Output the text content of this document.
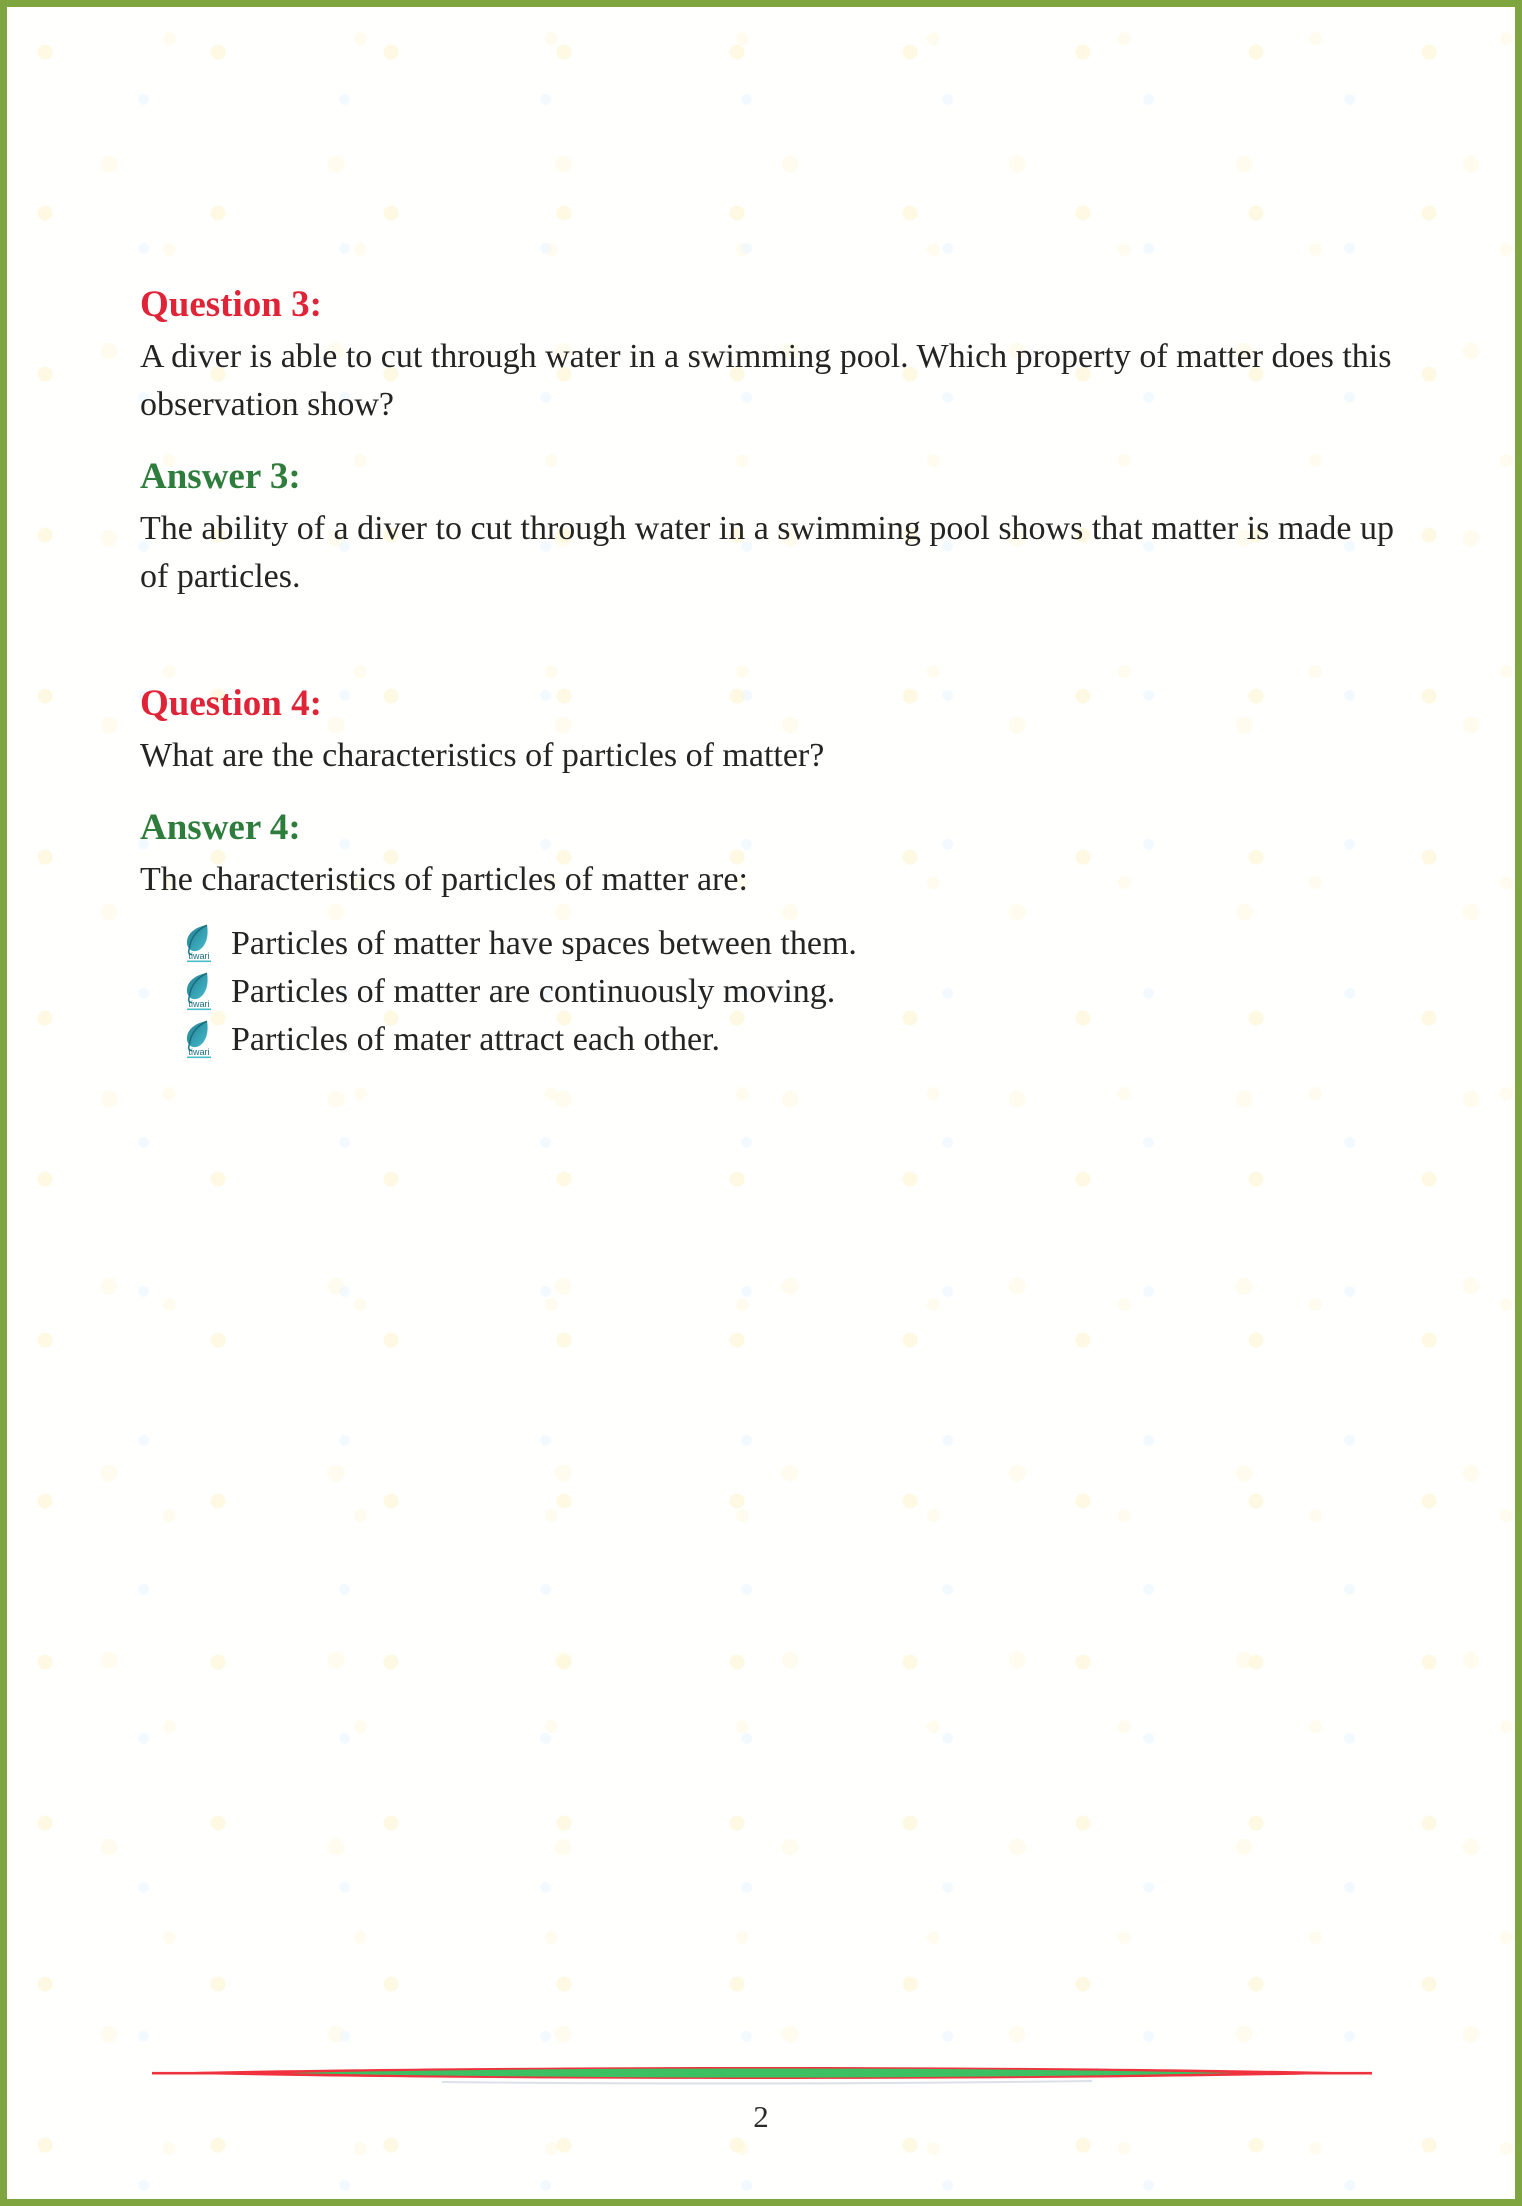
Question 3:

A diver is able to cut through water in a swimming pool. Which property of matter does this observation show?

Answer 3:

The ability of a diver to cut through water in a swimming pool shows that matter is made up of particles.

Question 4:

What are the characteristics of particles of matter?

Answer 4:

The characteristics of particles of matter are:

tiwari Particles of matter have spaces between them.
tiwari Particles of matter are continuously moving.
tiwari Particles of mater attract each other.
2
